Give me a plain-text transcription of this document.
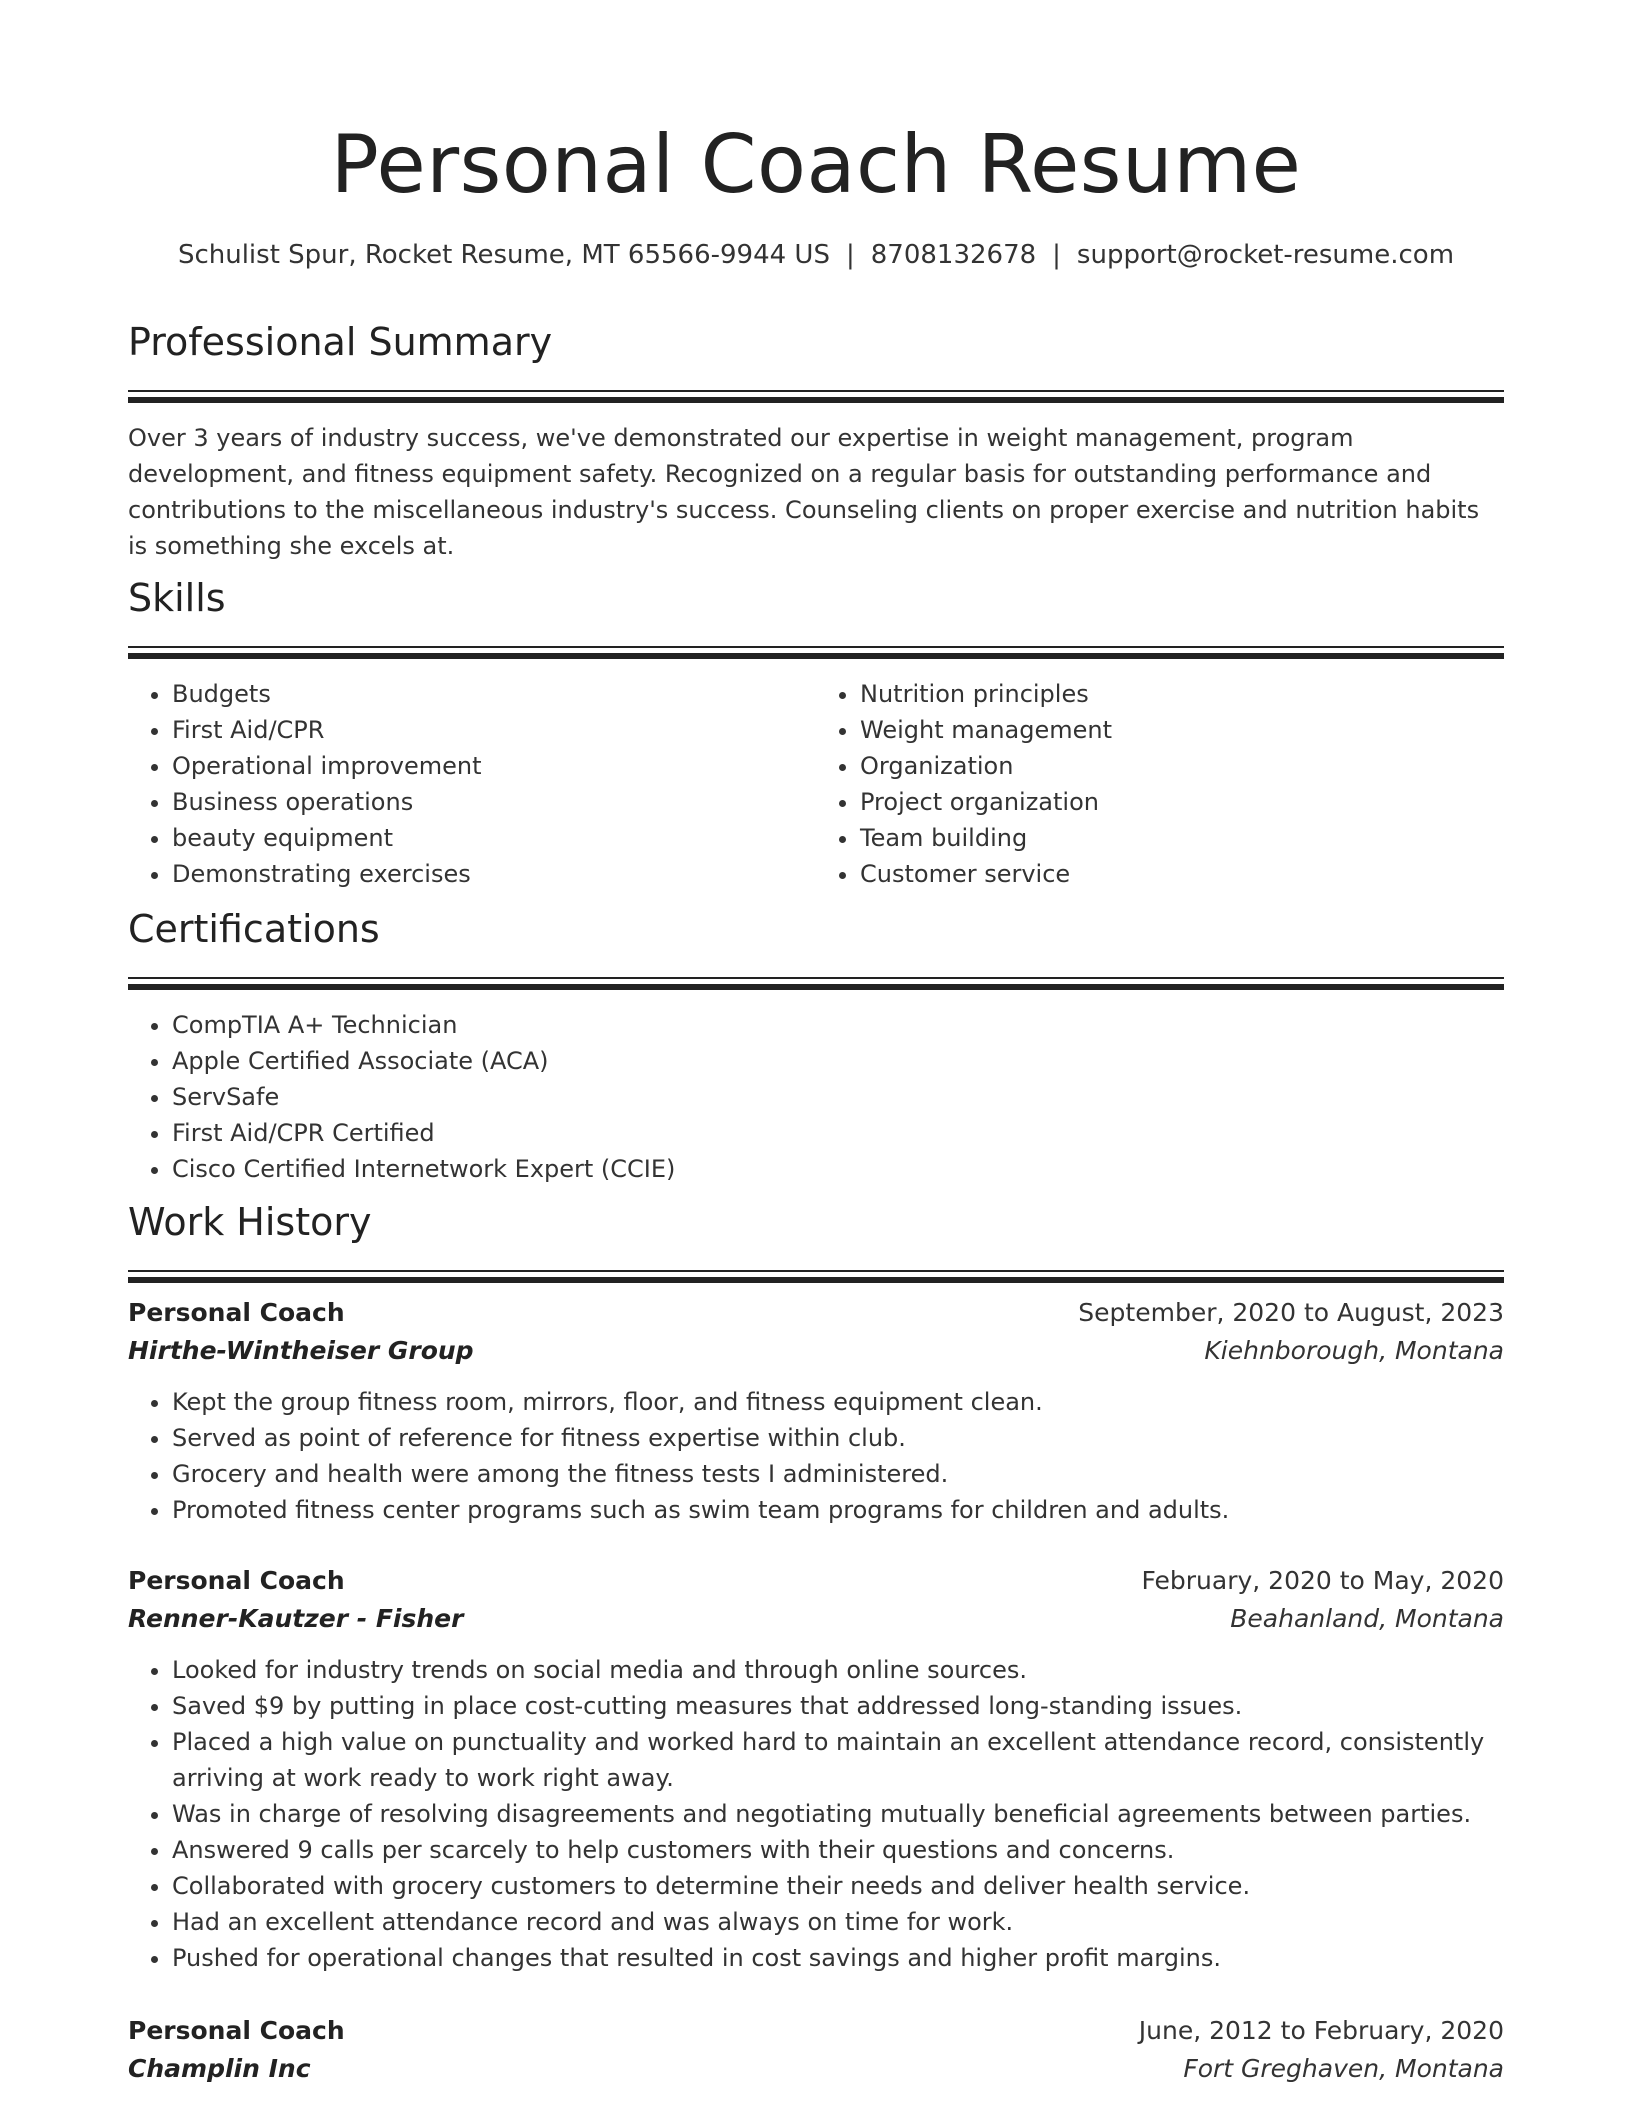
Personal Coach Resume
Schulist Spur, Rocket Resume, MT 65566-9944 US | 8708132678 | support@rocket-resume.com
Professional Summary

Over 3 years of industry success, we've demonstrated our expertise in weight management, program development, and fitness equipment safety. Recognized on a regular basis for outstanding performance and contributions to the miscellaneous industry's success. Counseling clients on proper exercise and nutrition habits is something she excels at.

Skills
• Budgets
• First Aid/CPR
• Operational improvement
• Business operations
• beauty equipment
• Demonstrating exercises
• Nutrition principles
• Weight management
• Organization
• Project organization
• Team building
• Customer service
Certifications
• CompTIA A+ Technician
• Apple Certified Associate (ACA)
• ServSafe
• First Aid/CPR Certified
• Cisco Certified Internetwork Expert (CCIE)
Work History
Personal Coach	September, 2020 to August, 2023
Hirthe-Wintheiser Group	Kiehnborough, Montana
• Kept the group fitness room, mirrors, floor, and fitness equipment clean.
• Served as point of reference for fitness expertise within club.
• Grocery and health were among the fitness tests I administered.
• Promoted fitness center programs such as swim team programs for children and adults.
Personal Coach	February, 2020 to May, 2020
Renner-Kautzer - Fisher	Beahanland, Montana
• Looked for industry trends on social media and through online sources.
• Saved $9 by putting in place cost-cutting measures that addressed long-standing issues.
• Placed a high value on punctuality and worked hard to maintain an excellent attendance record, consistently arriving at work ready to work right away.
• Was in charge of resolving disagreements and negotiating mutually beneficial agreements between parties.
• Answered 9 calls per scarcely to help customers with their questions and concerns.
• Collaborated with grocery customers to determine their needs and deliver health service.
• Had an excellent attendance record and was always on time for work.
• Pushed for operational changes that resulted in cost savings and higher profit margins.
Personal Coach	June, 2012 to February, 2020
Champlin Inc	Fort Greghaven, Montana
